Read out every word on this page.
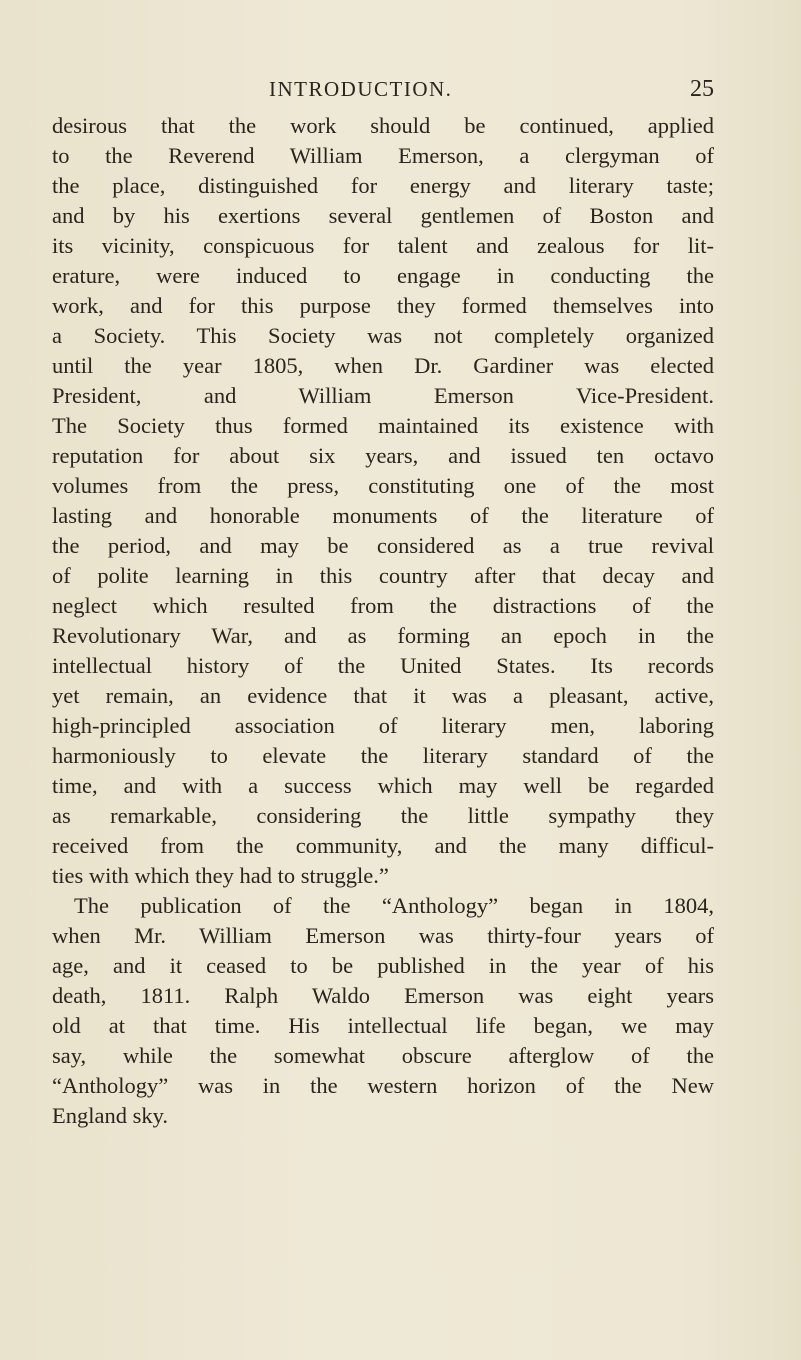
INTRODUCTION.	25
desirous that the work should be continued, applied
to the Reverend William Emerson, a clergyman of
the place, distinguished for energy and literary taste;
and by his exertions several gentlemen of Boston and
its vicinity, conspicuous for talent and zealous for lit-
erature, were induced to engage in conducting the
work, and for this purpose they formed themselves into
a Society. This Society was not completely organized
until the year 1805, when Dr. Gardiner was elected
President, and William Emerson Vice-President.
The Society thus formed maintained its existence with
reputation for about six years, and issued ten octavo
volumes from the press, constituting one of the most
lasting and honorable monuments of the literature of
the period, and may be considered as a true revival
of polite learning in this country after that decay and
neglect which resulted from the distractions of the
Revolutionary War, and as forming an epoch in the
intellectual history of the United States. Its records
yet remain, an evidence that it was a pleasant, active,
high-principled association of literary men, laboring
harmoniously to elevate the literary standard of the
time, and with a success which may well be regarded
as remarkable, considering the little sympathy they
received from the community, and the many difficul-
ties with which they had to struggle.”
The publication of the “Anthology” began in 1804,
when Mr. William Emerson was thirty-four years of
age, and it ceased to be published in the year of his
death, 1811. Ralph Waldo Emerson was eight years
old at that time. His intellectual life began, we may
say, while the somewhat obscure afterglow of the
“Anthology” was in the western horizon of the New
England sky.
